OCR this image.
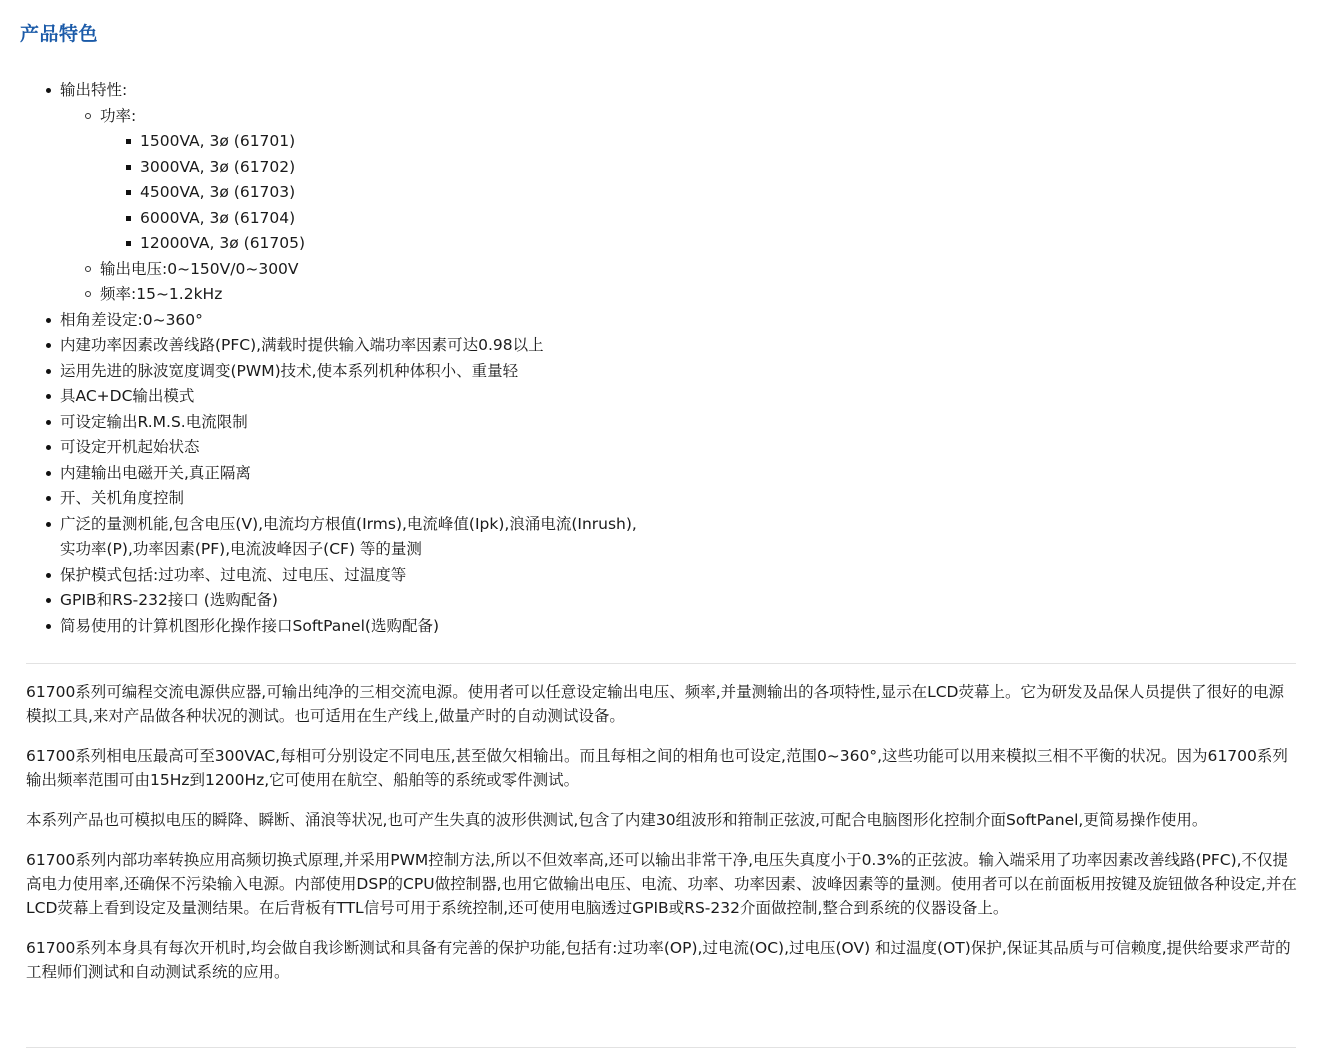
产品特色
输出特性:
功率:
1500VA, 3ø (61701)
3000VA, 3ø (61702)
4500VA, 3ø (61703)
6000VA, 3ø (61704)
12000VA, 3ø (61705)
输出电压:0~150V/0~300V
频率:15~1.2kHz
相角差设定:0~360°
内建功率因素改善线路(PFC),满载时提供输入端功率因素可达0.98以上
运用先进的脉波宽度调变(PWM)技术,使本系列机种体积小、重量轻
具AC+DC输出模式
可设定输出R.M.S.电流限制
可设定开机起始状态
内建输出电磁开关,真正隔离
开、关机角度控制
广泛的量测机能,包含电压(V),电流均方根值(Irms),电流峰值(Ipk),浪涌电流(Inrush),实功率(P),功率因素(PF),电流波峰因子(CF) 等的量测
保护模式包括:过功率、过电流、过电压、过温度等
GPIB和RS-232接口 (选购配备)
简易使用的计算机图形化操作接口SoftPanel(选购配备)

61700系列可编程交流电源供应器,可输出纯净的三相交流电源。使用者可以任意设定输出电压、频率,并量测输出的各项特性,显示在LCD荧幕上。它为研发及品保人员提供了很好的电源模拟工具,来对产品做各种状况的测试。也可适用在生产线上,做量产时的自动测试设备。

61700系列相电压最高可至300VAC,每相可分别设定不同电压,甚至做欠相输出。而且每相之间的相角也可设定,范围0~360°,这些功能可以用来模拟三相不平衡的状况。因为61700系列输出频率范围可由15Hz到1200Hz,它可使用在航空、船舶等的系统或零件测试。

本系列产品也可模拟电压的瞬降、瞬断、涌浪等状况,也可产生失真的波形供测试,包含了内建30组波形和箝制正弦波,可配合电脑图形化控制介面SoftPanel,更简易操作使用。

61700系列内部功率转换应用高频切换式原理,并采用PWM控制方法,所以不但效率高,还可以输出非常干净,电压失真度小于0.3%的正弦波。输入端采用了功率因素改善线路(PFC),不仅提高电力使用率,还确保不污染输入电源。内部使用DSP的CPU做控制器,也用它做输出电压、电流、功率、功率因素、波峰因素等的量测。使用者可以在前面板用按键及旋钮做各种设定,并在LCD荧幕上看到设定及量测结果。在后背板有TTL信号可用于系统控制,还可使用电脑透过GPIB或RS-232介面做控制,整合到系统的仪器设备上。

61700系列本身具有每次开机时,均会做自我诊断测试和具备有完善的保护功能,包括有:过功率(OP),过电流(OC),过电压(OV) 和过温度(OT)保护,保证其品质与可信赖度,提供给要求严苛的工程师们测试和自动测试系统的应用。
